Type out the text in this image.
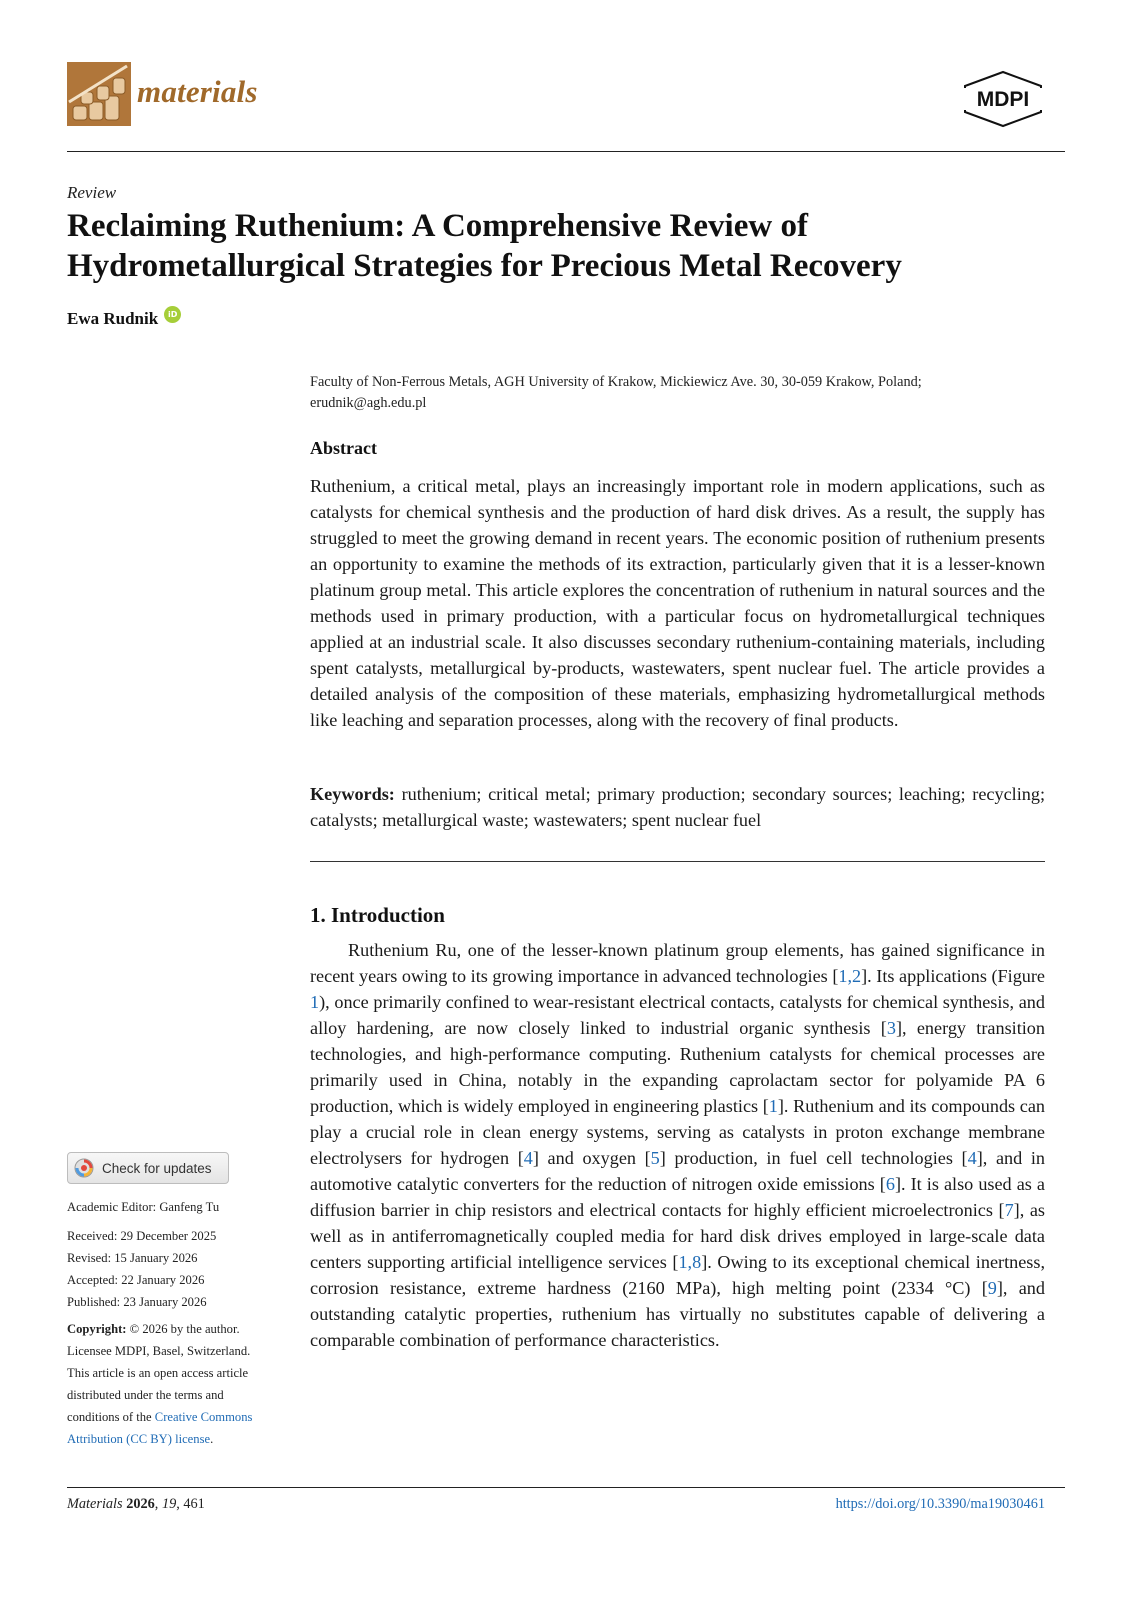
materials	MDPI
Review
Reclaiming Ruthenium: A Comprehensive Review of
Hydrometallurgical Strategies for Precious Metal Recovery
Ewa Rudnik	iD
Faculty of Non-Ferrous Metals, AGH University of Krakow, Mickiewicz Ave. 30, 30-059 Krakow, Poland;
erudnik@agh.edu.pl
Abstract
Ruthenium, a critical metal, plays an increasingly important role in modern applications, such as catalysts for chemical synthesis and the production of hard disk drives. As a result, the supply has struggled to meet the growing demand in recent years. The economic position of ruthenium presents an opportunity to examine the methods of its extraction, particularly given that it is a lesser-known platinum group metal. This article explores the concentration of ruthenium in natural sources and the methods used in primary production, with a particular focus on hydrometallurgical techniques applied at an industrial scale. It also discusses secondary ruthenium-containing materials, including spent catalysts, metallurgical by-products, wastewaters, spent nuclear fuel. The article provides a detailed analysis of the composition of these materials, emphasizing hydrometallurgical methods like leaching and separation processes, along with the recovery of final products.
Keywords: ruthenium; critical metal; primary production; secondary sources; leaching; recycling; catalysts; metallurgical waste; wastewaters; spent nuclear fuel
1. Introduction
Ruthenium Ru, one of the lesser-known platinum group elements, has gained significance in recent years owing to its growing importance in advanced technologies [1,2]. Its applications (Figure 1), once primarily confined to wear-resistant electrical contacts, catalysts for chemical synthesis, and alloy hardening, are now closely linked to industrial organic synthesis [3], energy transition technologies, and high-performance computing. Ruthenium catalysts for chemical processes are primarily used in China, notably in the expanding caprolactam sector for polyamide PA 6 production, which is widely employed in engineering plastics [1]. Ruthenium and its compounds can play a crucial role in clean energy systems, serving as catalysts in proton exchange membrane electrolysers for hydrogen [4] and oxygen [5] production, in fuel cell technologies [4], and in automotive catalytic converters for the reduction of nitrogen oxide emissions [6]. It is also used as a diffusion barrier in chip resistors and electrical contacts for highly efficient microelectronics [7], as well as in antiferromagnetically coupled media for hard disk drives employed in large-scale data centers supporting artificial intelligence services [1,8]. Owing to its exceptional chemical inertness, corrosion resistance, extreme hardness (2160 MPa), high melting point (2334 °C) [9], and outstanding catalytic properties, ruthenium has virtually no substitutes capable of delivering a comparable combination of performance characteristics.
Check for updates
Academic Editor: Ganfeng Tu
Received: 29 December 2025
Revised: 15 January 2026
Accepted: 22 January 2026
Published: 23 January 2026
Copyright: © 2026 by the author.
Licensee MDPI, Basel, Switzerland.
This article is an open access article
distributed under the terms and
conditions of the Creative Commons
Attribution (CC BY) license.
Materials 2026, 19, 461	https://doi.org/10.3390/ma19030461
